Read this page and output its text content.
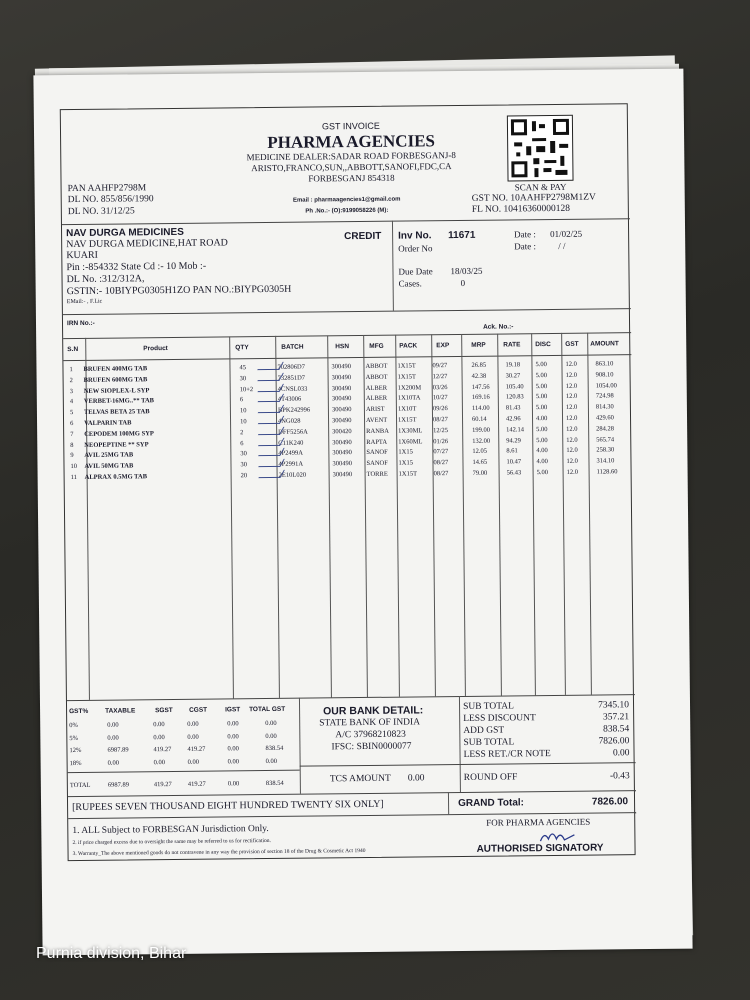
GST INVOICE
PHARMA AGENCIES
MEDICINE DEALER:SADAR ROAD FORBESGANJ-8
ARISTO,FRANCO,SUN,,ABBOTT,SANOFI,FDC,CA
FORBESGANJ 854318
PAN AAHFP2798M
DL NO. 855/856/1990
DL NO. 31/12/25
Email : pharmaagencies1@gmail.com
Ph .No.:- (O):9199058226 (M):
SCAN & PAY
GST NO. 10AAHFP2798M1ZV
FL NO. 10416360000128
NAV DURGA MEDICINES
NAV DURGA MEDICINE,HAT ROAD
KUARI
Pin :-854332 State Cd :- 10 Mob :-
DL No. :312/312A,
GSTIN:- 10BIYPG0305H1ZO PAN NO.:BIYPG0305H
EMail:- , F.Lic
CREDIT Inv No. 11671
Order No
Date : 01/02/25
Date : / /
Due Date 18/03/25
Cases.	0
IRN No.:-	Ack. No.:-
S.N	Product	QTY	BATCH	HSN	MFG PACK	EXP	MRP	RATE DISC GST AMOUNT
1 BRUFEN 400MG TAB	45	702806D7	300490 ABBOT 1X15T	09/27	26.85	19.18 5.00	12.0	863.10
2 BRUFEN 600MG TAB	30	732851D7	300490 ABBOT 1X15T	12/27	42.38	30.27 5.00	12.0	908.10
3 NEW SIOPLEX-L SYP	10+2	4CNSL033	300490 ALBER 1X200M 03/26	147.56 105.40 5.00	12.0	1054.00
4 VERBET-16MG..** TAB	6	4T43006	300490 ALBER 1X10TA 10/27	169.16 120.83 5.00	12.0	724.98
5 TELVAS BETA 25 TAB	10	BPK242996	300490 ARIST 1X10T	09/26	114.00	81.43 5.00	12.0	814.30
6 VALPARIN TAB	10	4NG028	300490 AVENT 1X15T	08/27	60.14	42.96 4.00	12.0	429.60
7 CEPODEM 100MG SYP	2	DFF5256A	300420 RANBA 1X30ML 12/25	199.00 142.14 5.00	12.0	284.28
8 NEOPEPTINE ** SYP	6	C11K240	300490 RAPTA 1X60ML 01/26	132.00 94.29 5.00	12.0	565.74
9 AVIL 25MG TAB	30	4P2499A	300490 SANOF 1X15	07/27	12.05	8.61	4.00	12.0	258.30
10 AVIL 50MG TAB	30	4P2991A	300490 SANOF 1X15	08/27	14.65	10.47 4.00	12.0	314.10
11 ALPRAX 0.5MG TAB	20	2E10L020	300490 TORRE 1X15T	08/27	79.00	56.43 5.00	12.0	1128.60
GST%	TAXABLE	SGST CGST	IGST TOTAL GST
0%	0.00	0.00	0.00	0.00	0.00
5%	0.00	0.00	0.00	0.00	0.00
12%	6987.89	419.27 419.27	0.00	838.54
18%	0.00	0.00	0.00	0.00	0.00
TOTAL	6987.89	419.27 419.27	0.00	838.54
OUR BANK DETAIL:
STATE BANK OF INDIA
A/C 37968210823
IFSC: SBIN0000077
TCS AMOUNT 0.00
SUB TOTAL	7345.10
LESS DISCOUNT	357.21
ADD GST	838.54
SUB TOTAL	7826.00
LESS RET./CR NOTE	0.00
ROUND OFF	-0.43
[RUPEES SEVEN THOUSAND EIGHT HUNDRED TWENTY SIX ONLY]	GRAND Total:	7826.00
1. ALL Subject to FORBESGAN Jurisdiction Only.
2. if price charged excess due to oversight the same may be referred to us for rectification.
3. Warranty_The above mentioned goods do not contravene in any way the provision of section 18 of the Drug & Cosmetic Act 1940
FOR PHARMA AGENCIES
AUTHORISED SIGNATORY
Purnia division, Bihar
